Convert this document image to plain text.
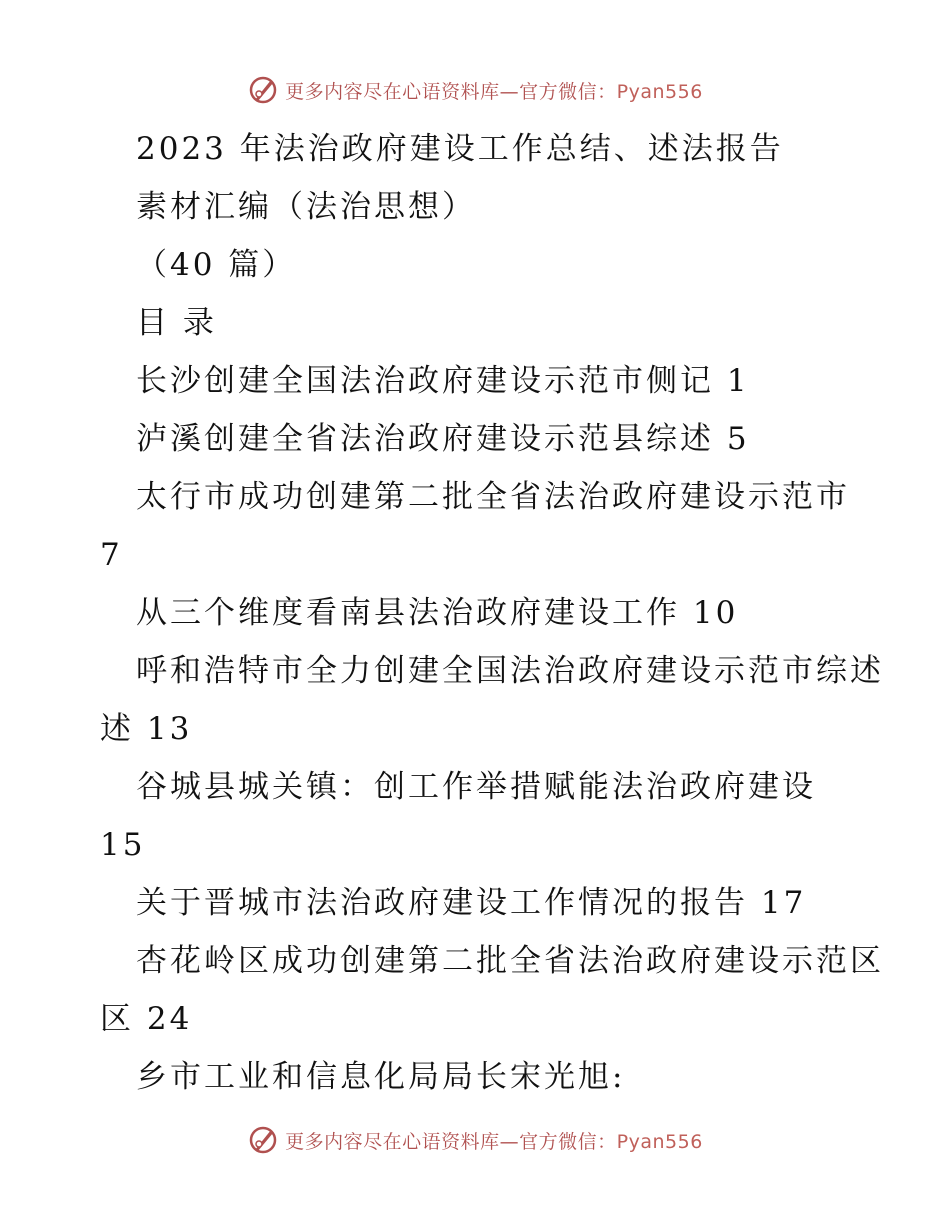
更多内容尽在心语资料库—官方微信：Pyan556
2023 年法治政府建设工作总结、述法报告
素材汇编（法治思想）
（40 篇）
目 录
长沙创建全国法治政府建设示范市侧记 1
泸溪创建全省法治政府建设示范县综述 5
太行市成功创建第二批全省法治政府建设示范市
7
从三个维度看南县法治政府建设工作 10
呼和浩特市全力创建全国法治政府建设示范市综述
述 13
谷城县城关镇：创工作举措赋能法治政府建设
15
关于晋城市法治政府建设工作情况的报告 17
杏花岭区成功创建第二批全省法治政府建设示范区
区 24
乡市工业和信息化局局长宋光旭:
更多内容尽在心语资料库—官方微信：Pyan556
